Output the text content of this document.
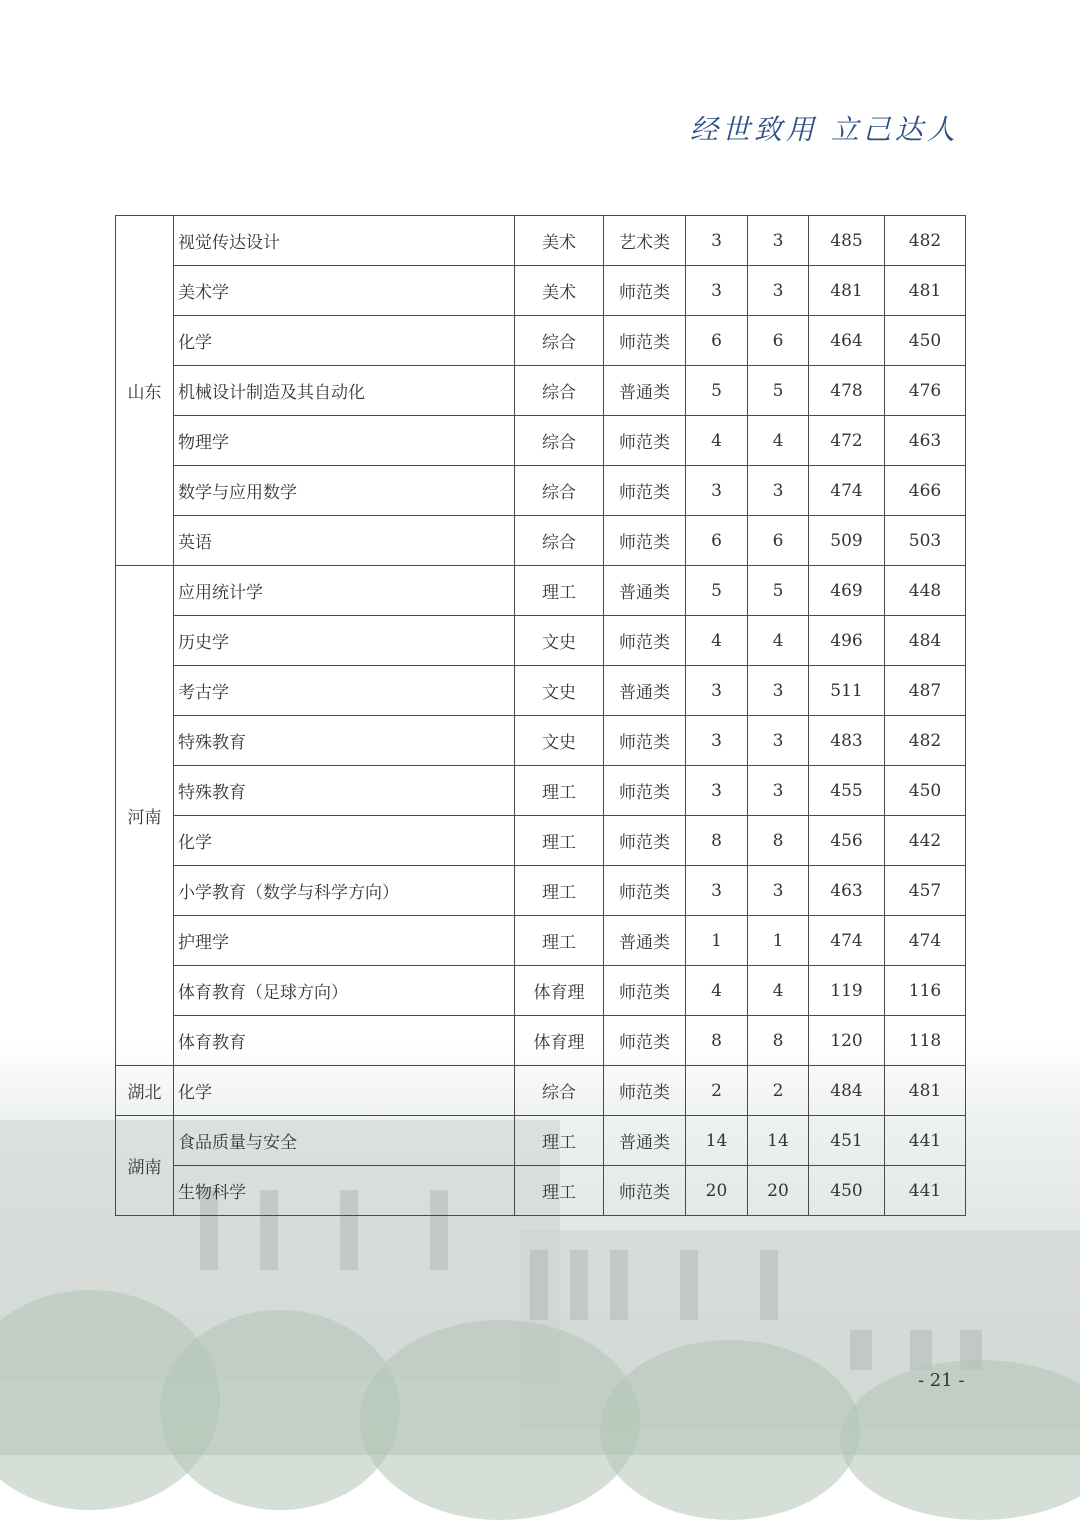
经世致用 立己达人
山东	视觉传达设计	美术	艺术类	3	3	485	482
	美术学	美术	师范类	3	3	481	481
	化学	综合	师范类	6	6	464	450
	机械设计制造及其自动化	综合	普通类	5	5	478	476
	物理学	综合	师范类	4	4	472	463
	数学与应用数学	综合	师范类	3	3	474	466
	英语	综合	师范类	6	6	509	503
河南	应用统计学	理工	普通类	5	5	469	448
	历史学	文史	师范类	4	4	496	484
	考古学	文史	普通类	3	3	511	487
	特殊教育	文史	师范类	3	3	483	482
	特殊教育	理工	师范类	3	3	455	450
	化学	理工	师范类	8	8	456	442
	小学教育（数学与科学方向）	理工	师范类	3	3	463	457
	护理学	理工	普通类	1	1	474	474
	体育教育（足球方向）	体育理	师范类	4	4	119	116
	体育教育	体育理	师范类	8	8	120	118
湖北	化学	综合	师范类	2	2	484	481
湖南	食品质量与安全	理工	普通类	14	14	451	441
	生物科学	理工	师范类	20	20	450	441
- 21 -
